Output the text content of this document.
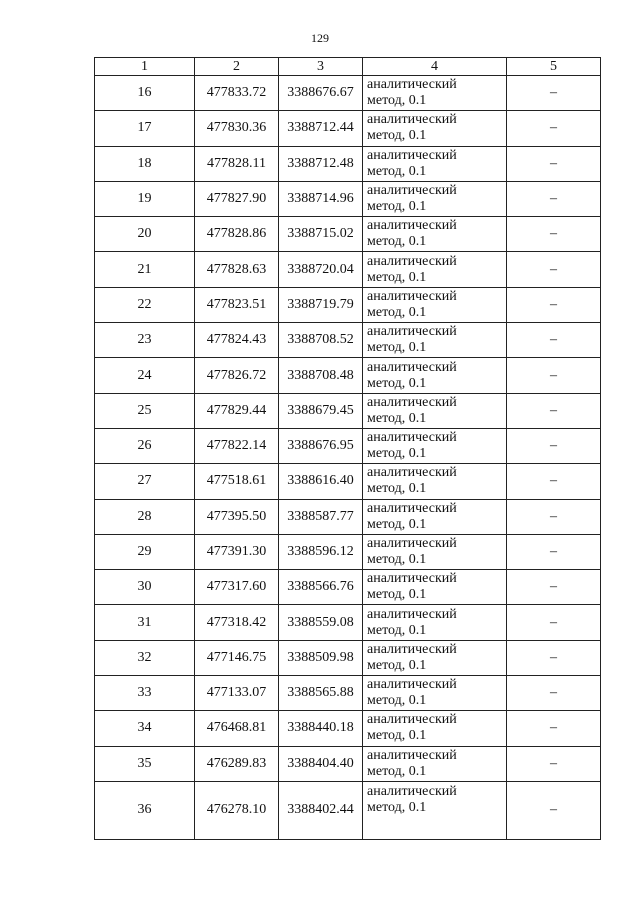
129
1	2	3	4	5
16	477833.72	3388676.67	аналитический
метод, 0.1	–
17	477830.36	3388712.44	аналитический
метод, 0.1	–
18	477828.11	3388712.48	аналитический
метод, 0.1	–
19	477827.90	3388714.96	аналитический
метод, 0.1	–
20	477828.86	3388715.02	аналитический
метод, 0.1	–
21	477828.63	3388720.04	аналитический
метод, 0.1	–
22	477823.51	3388719.79	аналитический
метод, 0.1	–
23	477824.43	3388708.52	аналитический
метод, 0.1	–
24	477826.72	3388708.48	аналитический
метод, 0.1	–
25	477829.44	3388679.45	аналитический
метод, 0.1	–
26	477822.14	3388676.95	аналитический
метод, 0.1	–
27	477518.61	3388616.40	аналитический
метод, 0.1	–
28	477395.50	3388587.77	аналитический
метод, 0.1	–
29	477391.30	3388596.12	аналитический
метод, 0.1	–
30	477317.60	3388566.76	аналитический
метод, 0.1	–
31	477318.42	3388559.08	аналитический
метод, 0.1	–
32	477146.75	3388509.98	аналитический
метод, 0.1	–
33	477133.07	3388565.88	аналитический
метод, 0.1	–
34	476468.81	3388440.18	аналитический
метод, 0.1	–
35	476289.83	3388404.40	аналитический
метод, 0.1	–
36	476278.10	3388402.44	аналитический
метод, 0.1	–
